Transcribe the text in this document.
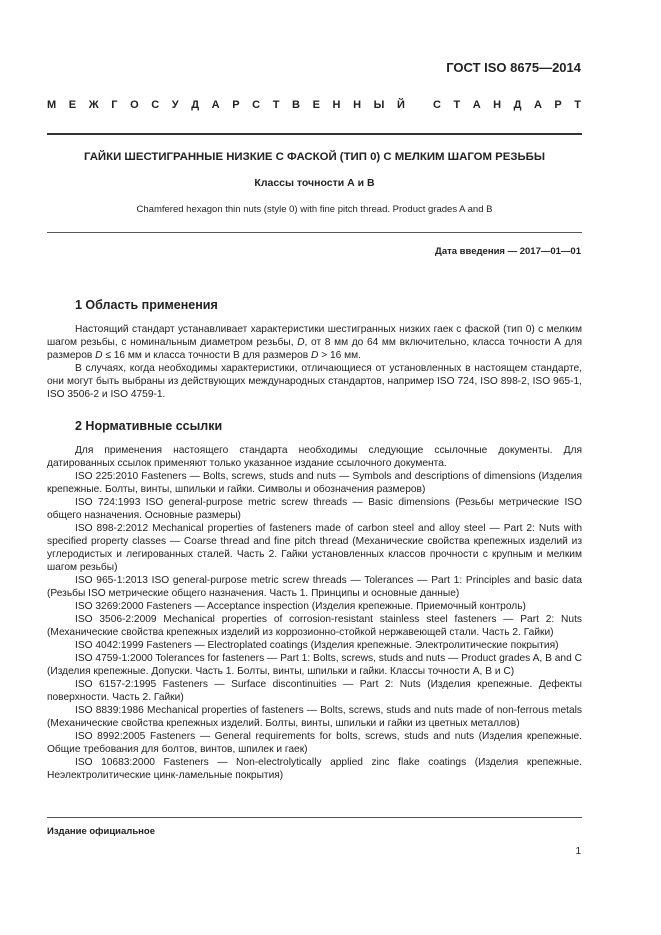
ГОСТ ISO 8675—2014
М Е Ж Г О С У Д А Р С Т В Е Н Н Ы Й	С Т А Н Д А Р Т
ГАЙКИ ШЕСТИГРАННЫЕ НИЗКИЕ С ФАСКОЙ (ТИП 0) С МЕЛКИМ ШАГОМ РЕЗЬБЫ
Классы точности А и В
Chamfered hexagon thin nuts (style 0) with fine pitch thread. Product grades A and B
Дата введения — 2017—01—01
1 Область применения

Настоящий стандарт устанавливает характеристики шестигранных низких гаек с фаской (тип 0) с мелким шагом резьбы, с номинальным диаметром резьбы, D, от 8 мм до 64 мм включительно, класса точности А для размеров D ≤ 16 мм и класса точности В для размеров D > 16 мм.

В случаях, когда необходимы характеристики, отличающиеся от установленных в настоящем стандарте, они могут быть выбраны из действующих международных стандартов, например ISO 724, ISO 898-2, ISO 965-1, ISO 3506-2 и ISO 4759-1.

2 Нормативные ссылки

Для применения настоящего стандарта необходимы следующие ссылочные документы. Для датированных ссылок применяют только указанное издание ссылочного документа.

ISO 225:2010 Fasteners — Bolts, screws, studs and nuts — Symbols and descriptions of dimensions (Изделия крепежные. Болты, винты, шпильки и гайки. Символы и обозначения размеров)

ISO 724:1993 ISO general-purpose metric screw threads — Basic dimensions (Резьбы метрические ISO общего назначения. Основные размеры)

ISO 898-2:2012 Mechanical properties of fasteners made of carbon steel and alloy steel — Part 2: Nuts with specified property classes — Coarse thread and fine pitch thread (Механические свойства крепежных изделий из углеродистых и легированных сталей. Часть 2. Гайки установленных классов прочности с крупным и мелким шагом резьбы)

ISO 965-1:2013 ISO general-purpose metric screw threads — Tolerances — Part 1: Principles and basic data (Резьбы ISO метрические общего назначения. Часть 1. Принципы и основные данные)

ISO 3269:2000 Fasteners — Acceptance inspection (Изделия крепежные. Приемочный контроль)

ISO 3506-2:2009 Mechanical properties of corrosion-resistant stainless steel fasteners — Part 2: Nuts (Механические свойства крепежных изделий из коррозионно-стойкой нержавеющей стали. Часть 2. Гайки)

ISO 4042:1999 Fasteners — Electroplated coatings (Изделия крепежные. Электролитические покрытия)

ISO 4759-1:2000 Tolerances for fasteners — Part 1: Bolts, screws, studs and nuts — Product grades A, B and C (Изделия крепежные. Допуски. Часть 1. Болты, винты, шпильки и гайки. Классы точности А, В и С)

ISO 6157-2:1995 Fasteners — Surface discontinuities — Part 2: Nuts (Изделия крепежные. Дефекты поверхности. Часть 2. Гайки)

ISO 8839:1986 Mechanical properties of fasteners — Bolts, screws, studs and nuts made of non-ferrous metals (Механические свойства крепежных изделий. Болты, винты, шпильки и гайки из цветных металлов)

ISO 8992:2005 Fasteners — General requirements for bolts, screws, studs and nuts (Изделия крепежные. Общие требования для болтов, винтов, шпилек и гаек)

ISO 10683:2000 Fasteners — Non-electrolytically applied zinc flake coatings (Изделия крепежные. Неэлектролитические цинк-ламельные покрытия)

Издание официальное
1
